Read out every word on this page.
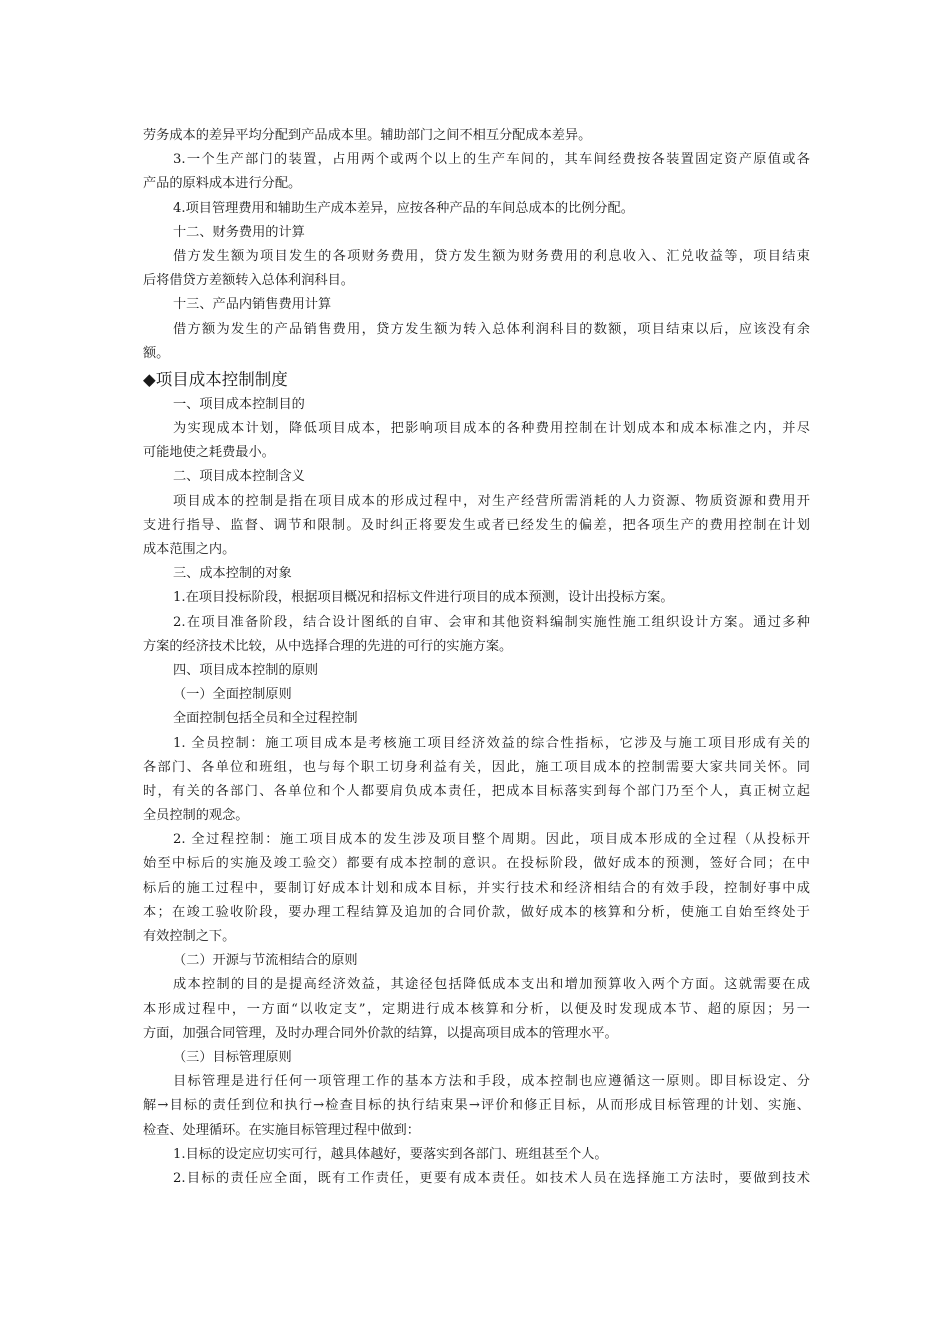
劳务成本的差异平均分配到产品成本里。辅助部门之间不相互分配成本差异。
3.一个生产部门的装置，占用两个或两个以上的生产车间的，其车间经费按各装置固定资产原值或各
产品的原料成本进行分配。
4.项目管理费用和辅助生产成本差异，应按各种产品的车间总成本的比例分配。
十二、财务费用的计算
借方发生额为项目发生的各项财务费用，贷方发生额为财务费用的利息收入、汇兑收益等，项目结束
后将借贷方差额转入总体利润科目。
十三、产品内销售费用计算
借方额为发生的产品销售费用，贷方发生额为转入总体利润科目的数额，项目结束以后，应该没有余
额。
◆项目成本控制制度
一、项目成本控制目的
为实现成本计划，降低项目成本，把影响项目成本的各种费用控制在计划成本和成本标准之内，并尽
可能地使之耗费最小。
二、项目成本控制含义
项目成本的控制是指在项目成本的形成过程中，对生产经营所需消耗的人力资源、物质资源和费用开
支进行指导、监督、调节和限制。及时纠正将要发生或者已经发生的偏差，把各项生产的费用控制在计划
成本范围之内。
三、成本控制的对象
1.在项目投标阶段，根据项目概况和招标文件进行项目的成本预测，设计出投标方案。
2.在项目准备阶段，结合设计图纸的自审、会审和其他资料编制实施性施工组织设计方案。通过多种
方案的经济技术比较，从中选择合理的先进的可行的实施方案。
四、项目成本控制的原则
（一）全面控制原则
全面控制包括全员和全过程控制
1. 全员控制：施工项目成本是考核施工项目经济效益的综合性指标，它涉及与施工项目形成有关的
各部门、各单位和班组，也与每个职工切身利益有关，因此，施工项目成本的控制需要大家共同关怀。同
时，有关的各部门、各单位和个人都要肩负成本责任，把成本目标落实到每个部门乃至个人，真正树立起
全员控制的观念。
2. 全过程控制：施工项目成本的发生涉及项目整个周期。因此，项目成本形成的全过程（从投标开
始至中标后的实施及竣工验交）都要有成本控制的意识。在投标阶段，做好成本的预测，签好合同；在中
标后的施工过程中，要制订好成本计划和成本目标，并实行技术和经济相结合的有效手段，控制好事中成
本；在竣工验收阶段，要办理工程结算及追加的合同价款，做好成本的核算和分析，使施工自始至终处于
有效控制之下。
（二）开源与节流相结合的原则
成本控制的目的是提高经济效益，其途径包括降低成本支出和增加预算收入两个方面。这就需要在成
本形成过程中，一方面“以收定支”，定期进行成本核算和分析，以便及时发现成本节、超的原因；另一
方面，加强合同管理，及时办理合同外价款的结算，以提高项目成本的管理水平。
（三）目标管理原则
目标管理是进行任何一项管理工作的基本方法和手段，成本控制也应遵循这一原则。即目标设定、分
解→目标的责任到位和执行→检查目标的执行结束果→评价和修正目标，从而形成目标管理的计划、实施、
检查、处理循环。在实施目标管理过程中做到：
1.目标的设定应切实可行，越具体越好，要落实到各部门、班组甚至个人。
2.目标的责任应全面，既有工作责任，更要有成本责任。如技术人员在选择施工方法时，要做到技术
